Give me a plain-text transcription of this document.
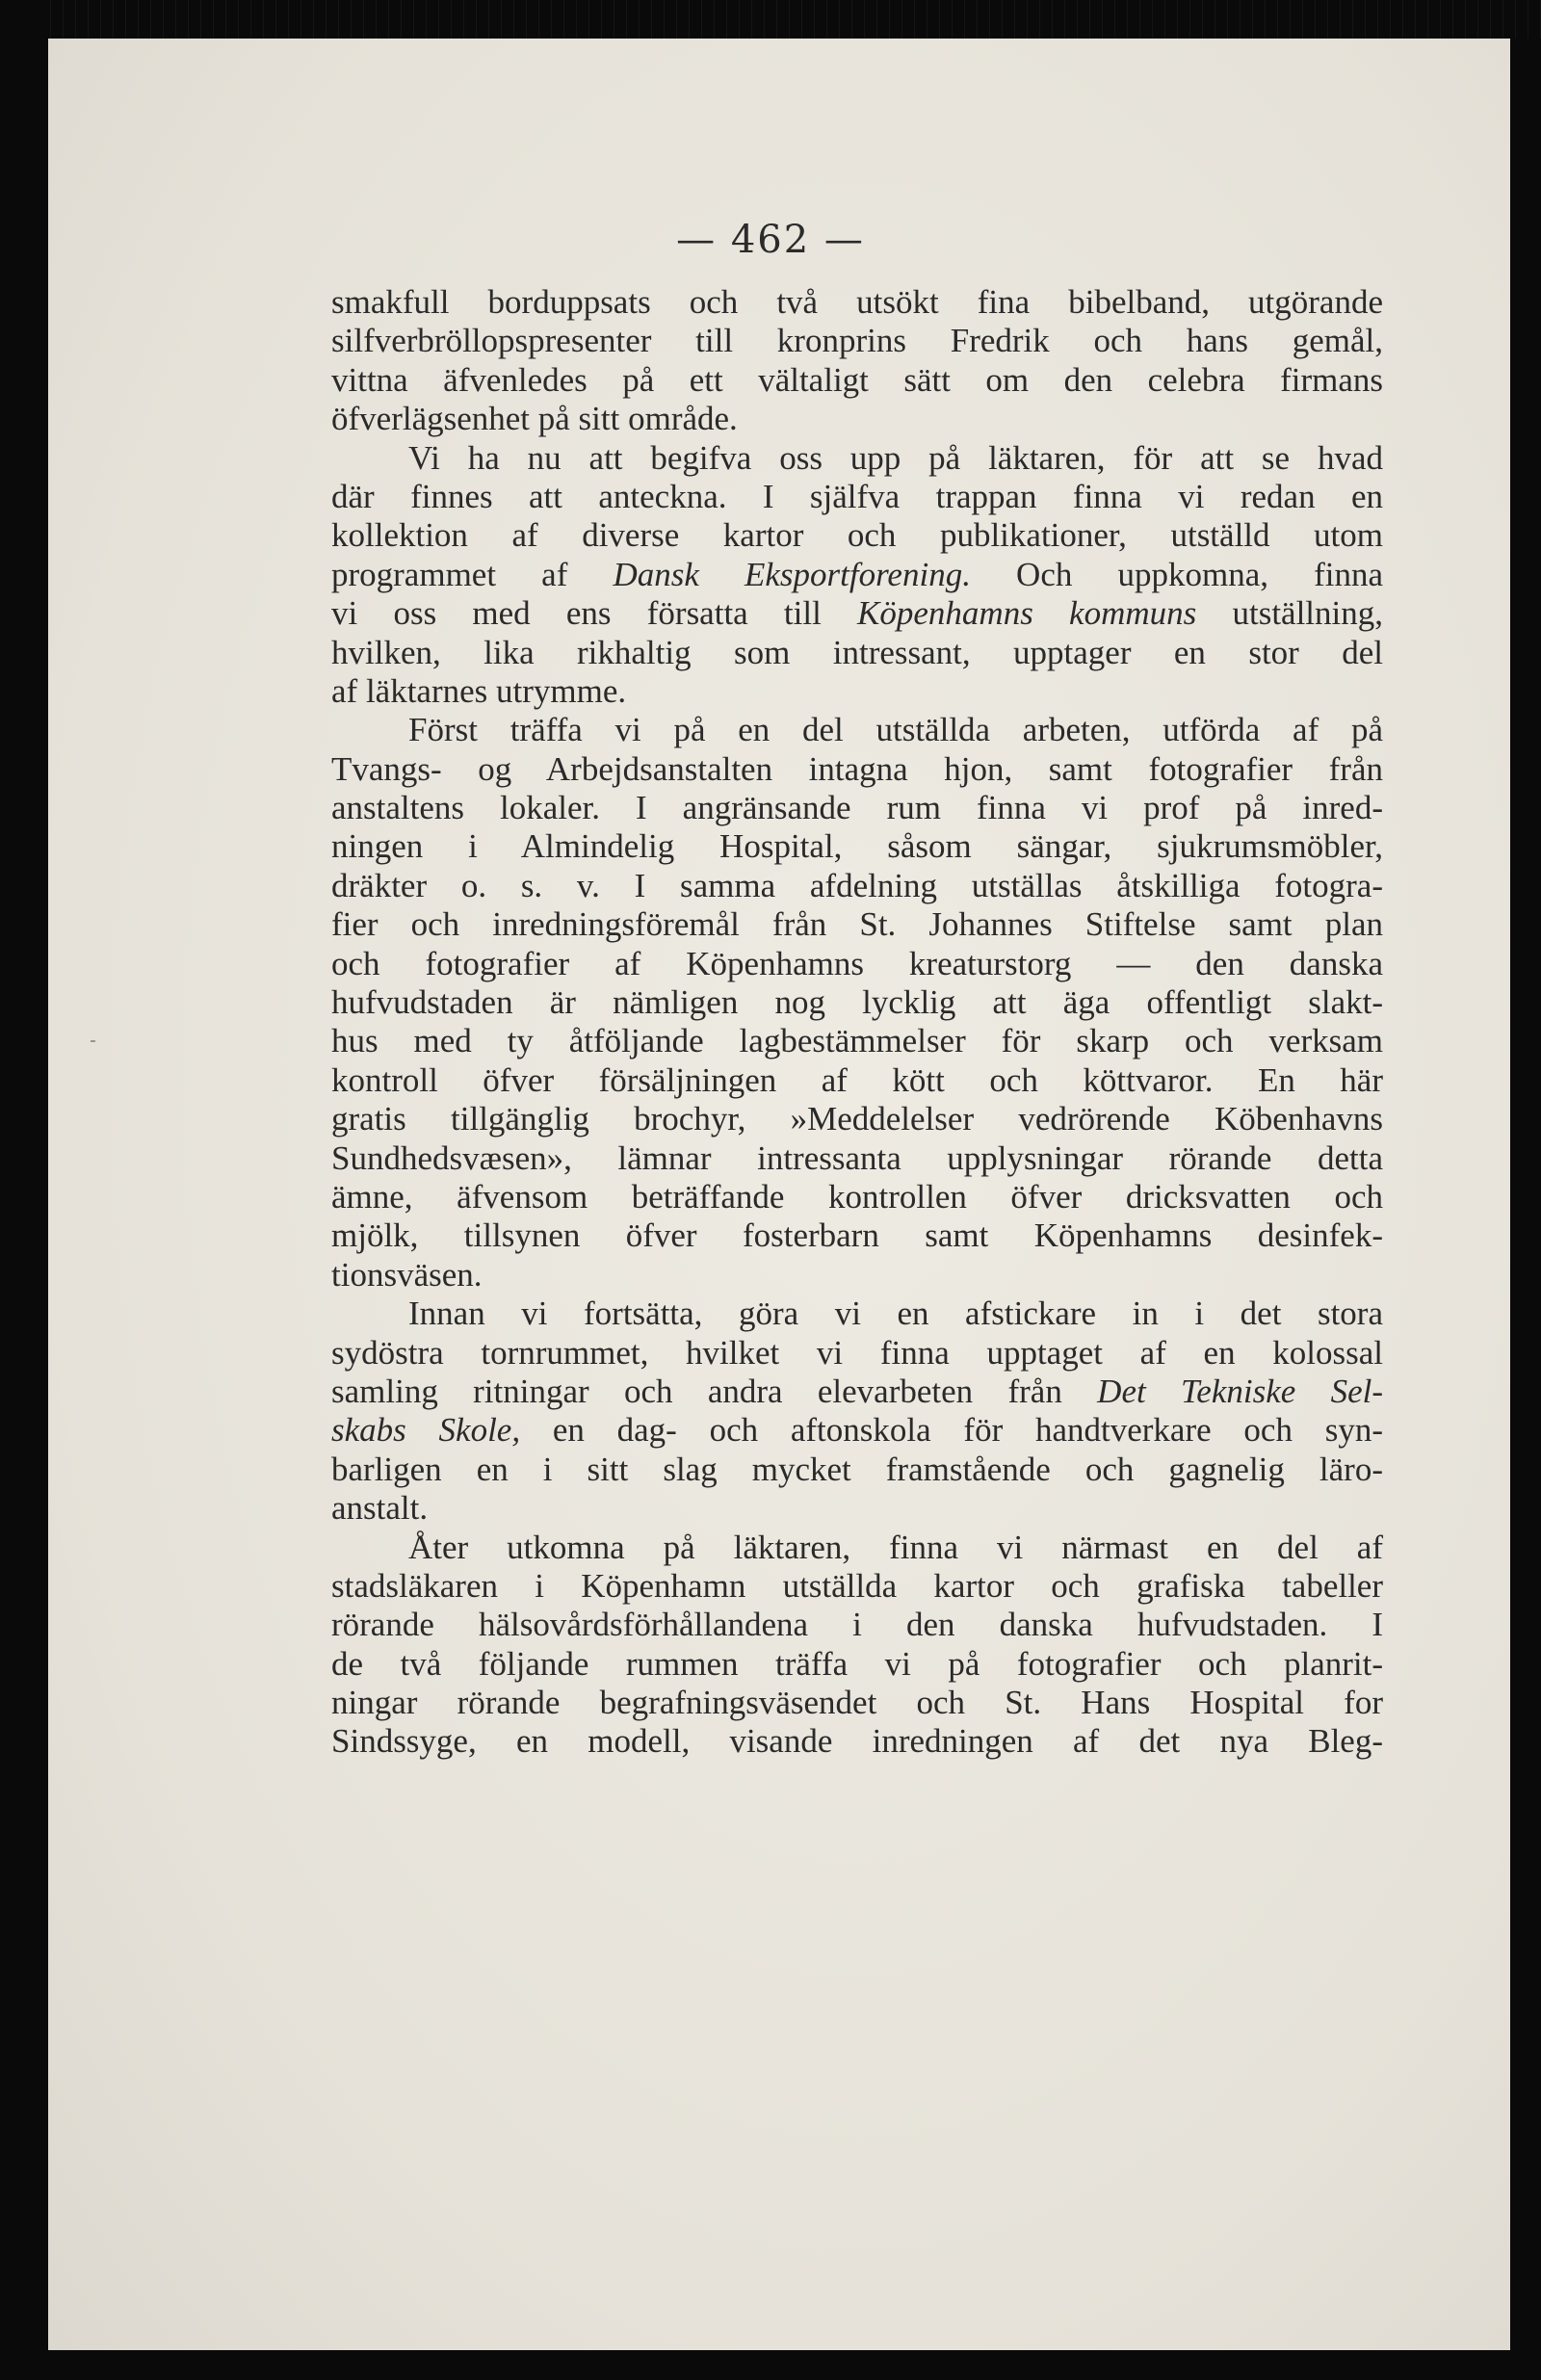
— 462 —
smakfull borduppsats och två utsökt fina bibelband, utgörande
silfverbröllopspresenter till kronprins Fredrik och hans gemål,
vittna äfvenledes på ett vältaligt sätt om den celebra firmans
öfverlägsenhet på sitt område.
Vi ha nu att begifva oss upp på läktaren, för att se hvad
där finnes att anteckna. I själfva trappan finna vi redan en
kollektion af diverse kartor och publikationer, utställd utom
programmet af Dansk Eksportforening. Och uppkomna, finna
vi oss med ens försatta till Köpenhamns kommuns utställning,
hvilken, lika rikhaltig som intressant, upptager en stor del
af läktarnes utrymme.
Först träffa vi på en del utställda arbeten, utförda af på
Tvangs- og Arbejdsanstalten intagna hjon, samt fotografier från
anstaltens lokaler. I angränsande rum finna vi prof på inred-
ningen i Almindelig Hospital, såsom sängar, sjukrumsmöbler,
dräkter o. s. v. I samma afdelning utställas åtskilliga fotogra-
fier och inredningsföremål från St. Johannes Stiftelse samt plan
och fotografier af Köpenhamns kreaturstorg — den danska
hufvudstaden är nämligen nog lycklig att äga offentligt slakt-
hus med ty åtföljande lagbestämmelser för skarp och verksam
kontroll öfver försäljningen af kött och köttvaror. En här
gratis tillgänglig brochyr, »Meddelelser vedrörende Köbenhavns
Sundhedsvæsen», lämnar intressanta upplysningar rörande detta
ämne, äfvensom beträffande kontrollen öfver dricksvatten och
mjölk, tillsynen öfver fosterbarn samt Köpenhamns desinfek-
tionsväsen.
Innan vi fortsätta, göra vi en afstickare in i det stora
sydöstra tornrummet, hvilket vi finna upptaget af en kolossal
samling ritningar och andra elevarbeten från Det Tekniske Sel-
skabs Skole, en dag- och aftonskola för handtverkare och syn-
barligen en i sitt slag mycket framstående och gagnelig läro-
anstalt.
Åter utkomna på läktaren, finna vi närmast en del af
stadsläkaren i Köpenhamn utställda kartor och grafiska tabeller
rörande hälsovårdsförhållandena i den danska hufvudstaden. I
de två följande rummen träffa vi på fotografier och planrit-
ningar rörande begrafningsväsendet och St. Hans Hospital for
Sindssyge, en modell, visande inredningen af det nya Bleg-
